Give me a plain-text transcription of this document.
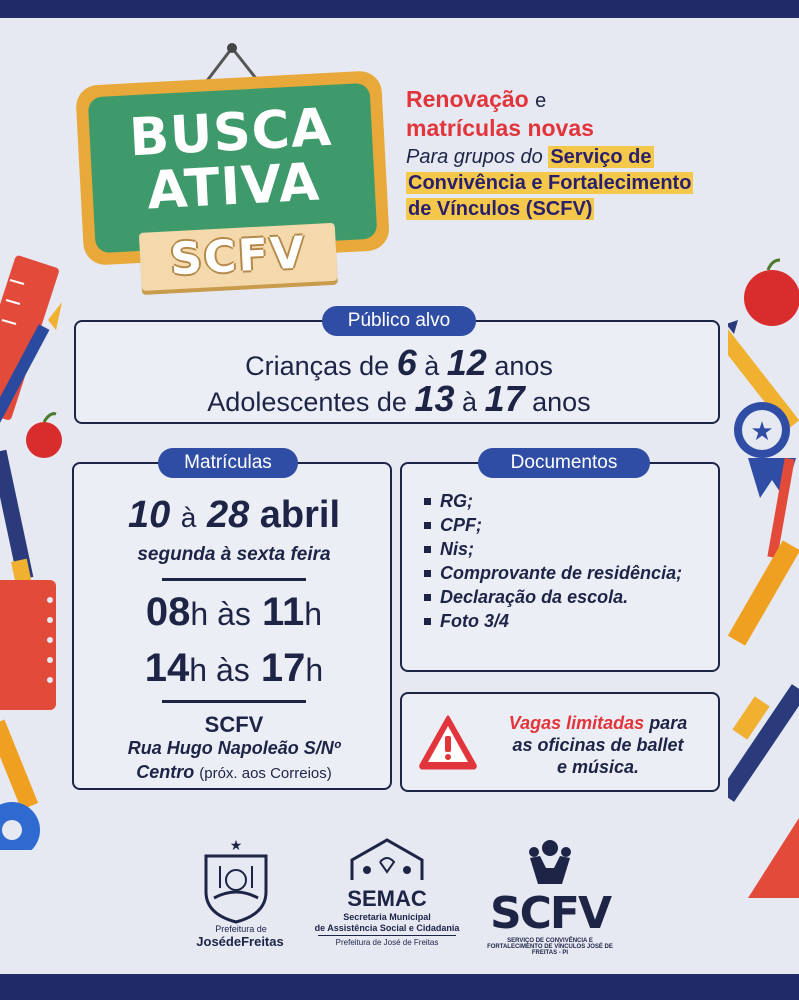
BUSCA
ATIVA
SCFV
Renovação e
matrículas novas
Para grupos do Serviço de
Convivência e Fortalecimento
de Vínculos (SCFV)
★
Crianças de 6 à 12 anos
Adolescentes de 13 à 17 anos
Público alvo
10 à 28 abril
segunda à sexta feira
08h às 11h
14h às 17h
SCFV
Rua Hugo Napoleão S/Nº
Centro (próx. aos Correios)
Matrículas
RG;
CPF;
Nis;
Comprovante de residência;
Declaração da escola.
Foto 3/4
Documentos
Vagas limitadas para
as oficinas de ballet
e música.
★
Prefeitura de
JosédeFreitas
SEMAC
Secretaria Municipal
de Assistência Social e Cidadania
Prefeitura de José de Freitas
SCFV
SERVIÇO DE CONVIVÊNCIA E FORTALECIMENTO DE VÍNCULOS JOSÉ DE FREITAS - PI
